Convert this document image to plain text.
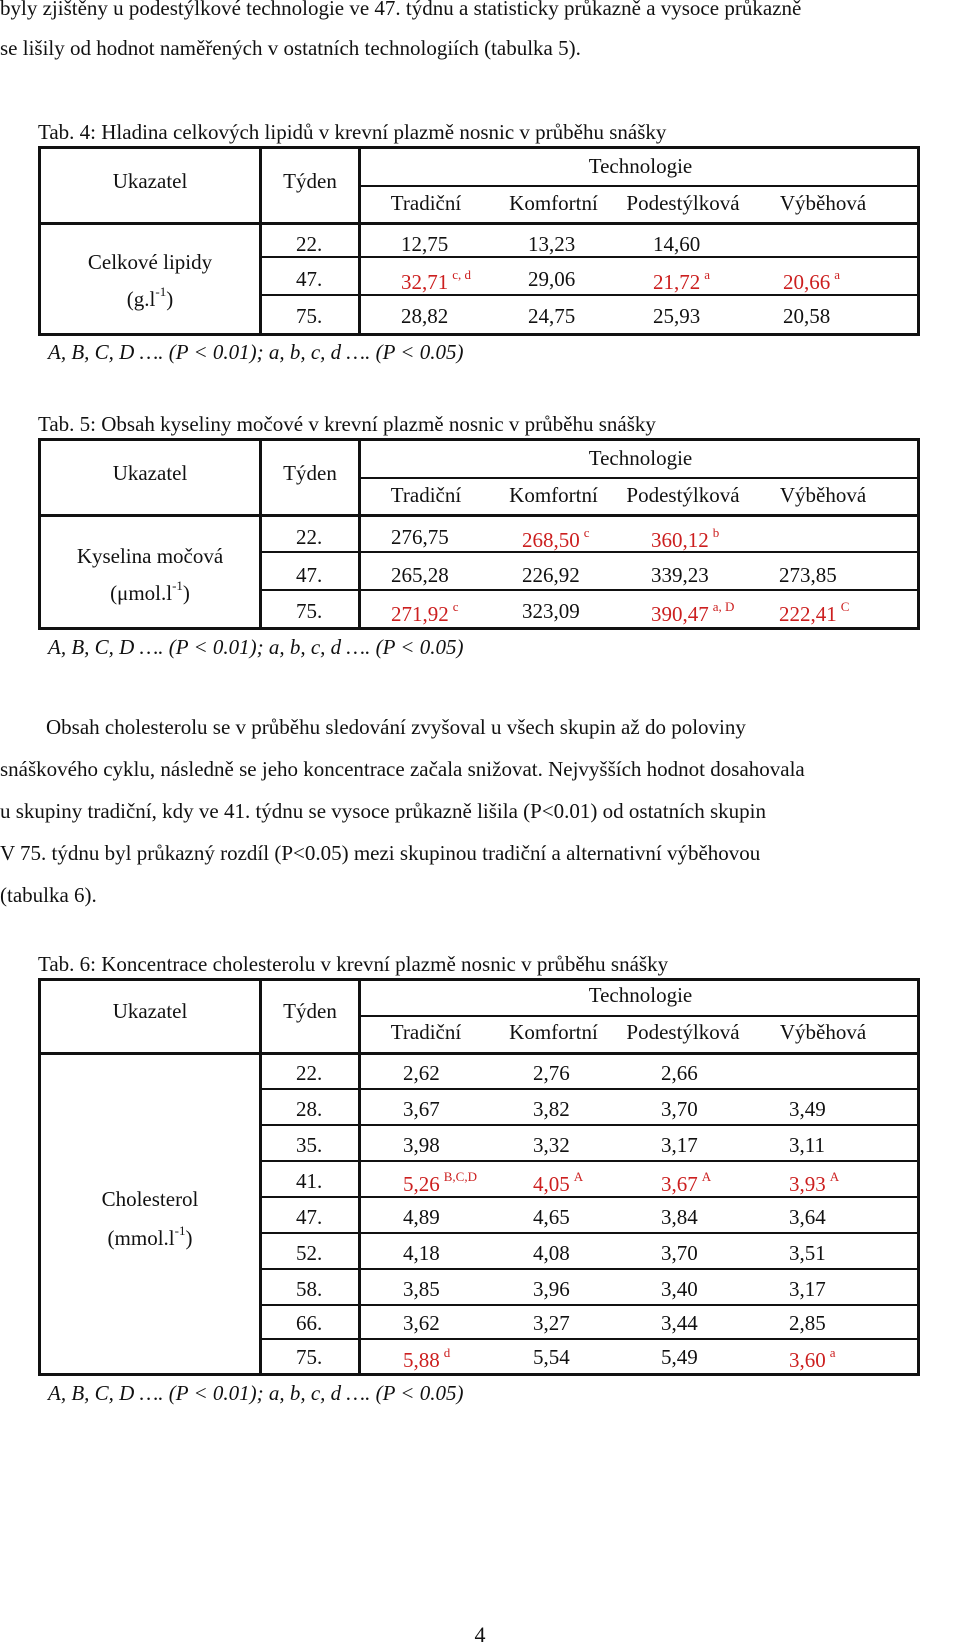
byly zjištěny u podestýlkové technologie ve 47. týdnu a statisticky průkazně a vysoce průkazně
se lišily od hodnot naměřených v ostatních technologiích (tabulka 5).
Tab. 4: Hladina celkových lipidů v krevní plazmě nosnic v průběhu snášky
Ukazatel	Týden
Technologie
Tradiční	Komfortní	Podestýlková	Výběhová
Celkové lipidy
$(g.l^{-1})$
22.	12,75	13,23	14,60
47.	32,71 $^{c, d}$	29,06	21,72 $^a$	20,66 $^a$
75.	28,82	24,75	25,93	20,58
A, B, C, D …. (P < 0.01); a, b, c, d …. (P < 0.05)
Tab. 5: Obsah kyseliny močové v krevní plazmě nosnic v průběhu snášky
Ukazatel	Týden
Technologie
Tradiční	Komfortní	Podestýlková	Výběhová
Kyselina močová
$(\mu mol.l^{-1})$
22.	276,75	268,50 $^c$	360,12 $^b$
47.	265,28	226,92	339,23	273,85
75.	271,92 $^c$	323,09	390,47 $^{a, D}$ 222,41 $^C$
A, B, C, D …. (P < 0.01); a, b, c, d …. (P < 0.05)

Obsah cholesterolu se v průběhu sledování zvyšoval u všech skupin až do poloviny

snáškového cyklu, následně se jeho koncentrace začala snižovat. Nejvyšších hodnot dosahovala

u skupiny tradiční, kdy ve 41. týdnu se vysoce průkazně lišila (P<0.01) od ostatních skupin

V 75. týdnu byl průkazný rozdíl (P<0.05) mezi skupinou tradiční a alternativní výběhovou

(tabulka 6).

Tab. 6: Koncentrace cholesterolu v krevní plazmě nosnic v průběhu snášky
Ukazatel	Týden
Technologie
Tradiční	Komfortní	Podestýlková	Výběhová
Cholesterol
$(mmol.l^{-1})$
22.	2,62	2,76	2,66
28.	3,67	3,82	3,70	3,49
35.	3,98	3,32	3,17	3,11
41.	5,26 $^{B,C,D}$	4,05 $^A$	3,67 $^A$	3,93 $^A$
47.	4,89	4,65	3,84	3,64
52.	4,18	4,08	3,70	3,51
58.	3,85	3,96	3,40	3,17
66.	3,62	3,27	3,44	2,85
75.	5,88 $^d$	5,54	5,49	3,60 $^a$
A, B, C, D …. (P < 0.01); a, b, c, d …. (P < 0.05)
4
